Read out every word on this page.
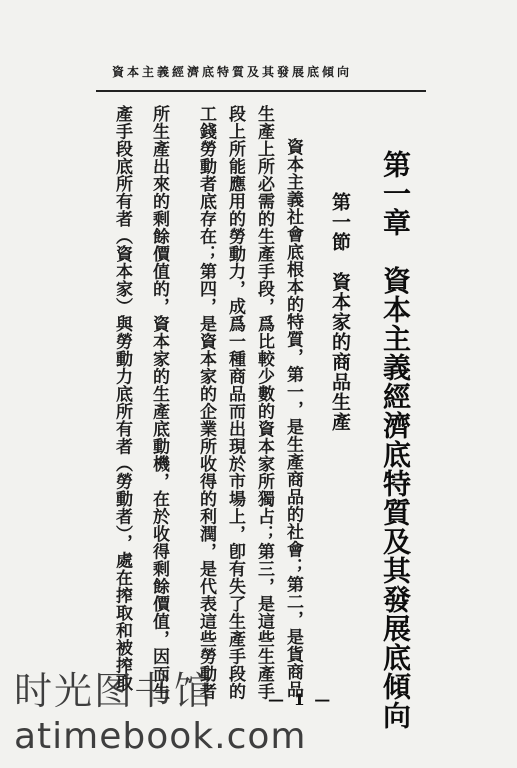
資本主義經濟底特質及其發展底傾向
第一章　資本主義經濟底特質及其發展底傾向
第一節　資本家的商品生產
資本主義社會底根本的特質，第一，是生產商品的社會；第二，是貨商品
生產上所必需的生產手段，爲比較少數的資本家所獨占；第三，是這些生產手
段上所能應用的勞動力，成爲一種商品而出現於市場上，卽有失了生產手段的
工錢勞動者底存在；第四，是資本家的企業所收得的利潤，是代表這些勞動者
所生產出來的剩餘價值的，資本家的生產底動機，在於收得剩餘價值，因而生
產手段底所有者（資本家）與勞動力底所有者（勞動者），處在搾取和被搾取
— 1 —
时光图书馆
atimebook.com
